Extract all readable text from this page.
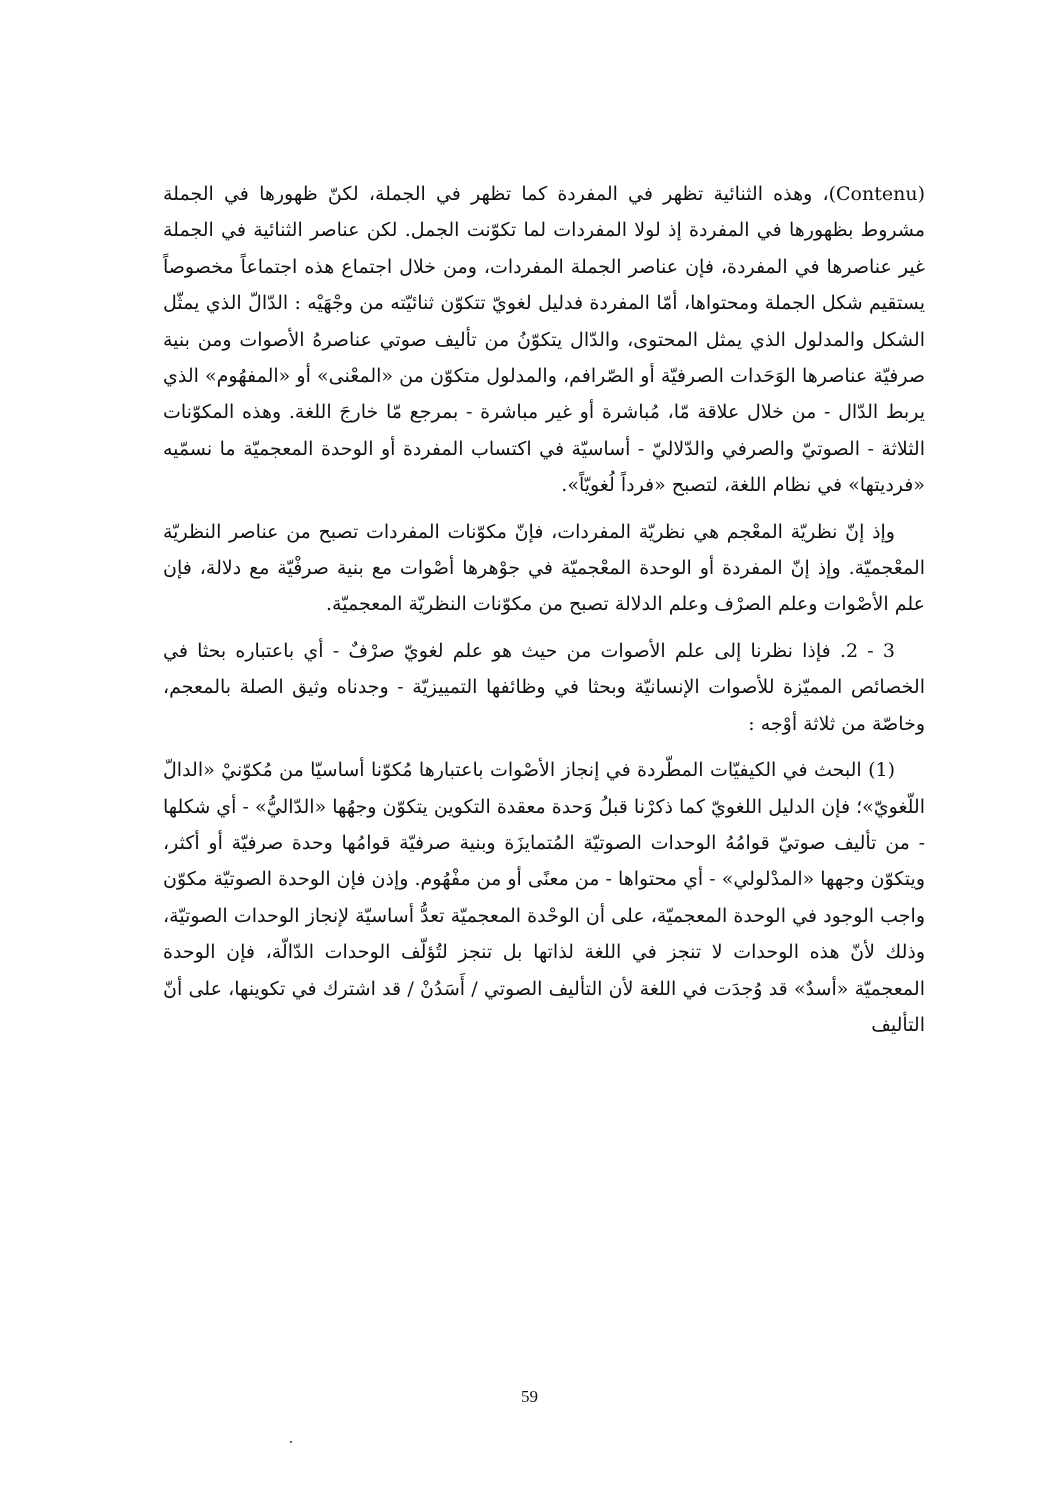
(Contenu)، وهذه الثنائية تظهر في المفردة كما تظهر في الجملة، لكنّ ظهورها في الجملة مشروط بظهورها في المفردة إذ لولا المفردات لما تكوّنت الجمل. لكن عناصر الثنائية في الجملة غير عناصرها في المفردة، فإن عناصر الجملة المفردات، ومن خلال اجتماع هذه اجتماعاً مخصوصاً يستقيم شكل الجملة ومحتواها، أمّا المفردة فدليل لغويّ تتكوّن ثنائيّته من وجْهَيْه : الدّالّ الذي يمثّل الشكل والمدلول الذي يمثل المحتوى، والدّال يتكوّنُ من تأليف صوتي عناصرهُ الأصوات ومن بنية صرفيّة عناصرها الوَحَدات الصرفيّة أو الصّرافم، والمدلول متكوّن من «المعْنى» أو «المفهُوم» الذي يربط الدّال - من خلال علاقة مّا، مُباشرة أو غير مباشرة - بمرجع مّا خارجَ اللغة. وهذه المكوّنات الثلاثة - الصوتيّ والصرفي والدّلاليّ - أساسيّة في اكتساب المفردة أو الوحدة المعجميّة ما نسمّيه «فرديتها» في نظام اللغة، لتصبح «فرداً لُغويّاً».

وإذ إنّ نظريّة المعْجم هي نظريّة المفردات، فإنّ مكوّنات المفردات تصبح من عناصر النظريّة المعْجميّة. وإذ إنّ المفردة أو الوحدة المعْجميّة في جوْهرها أصْوات مع بنية صرفْيّة مع دلالة، فإن علم الأصْوات وعلم الصرْف وعلم الدلالة تصبح من مكوّنات النظريّة المعجميّة.

3 - 2. فإذا نظرنا إلى علم الأصوات من حيث هو علم لغويّ صرْفٌ - أي باعتباره بحثا في الخصائص المميّزة للأصوات الإنسانيّة وبحثا في وظائفها التمييزيّة - وجدناه وثيق الصلة بالمعجم، وخاصّة من ثلاثة أوْجه :

(1) البحث في الكيفيّات المطّردة في إنجاز الأصْوات باعتبارها مُكوّنا أساسيّا من مُكوّنيْ «الدالّ اللّغويّ»؛ فإن الدليل اللغويّ كما ذكرْنا قبلُ وَحدة معقدة التكوين يتكوّن وجهُها «الدّاليُّ» - أي شكلها - من تأليف صوتيّ قوامُهُ الوحدات الصوتيّة المُتمايزَة وبنية صرفيّة قوامُها وحدة صرفيّة أو أكثر، ويتكوّن وجهها «المدْلولي» - أي محتواها - من معنًى أو من مفْهُوم. وإذن فإن الوحدة الصوتيّة مكوّن واجب الوجود في الوحدة المعجميّة، على أن الوحْدة المعجميّة تعدُّ أساسيّة لإنجاز الوحدات الصوتيّة، وذلك لأنّ هذه الوحدات لا تنجز في اللغة لذاتها بل تنجز لتُؤلّف الوحدات الدّالّة، فإن الوحدة المعجميّة «أسدٌ» قد وُجدَت في اللغة لأن التأليف الصوتي / أَسَدُنْ / قد اشترك في تكوينها، على أنّ التأليف

59
